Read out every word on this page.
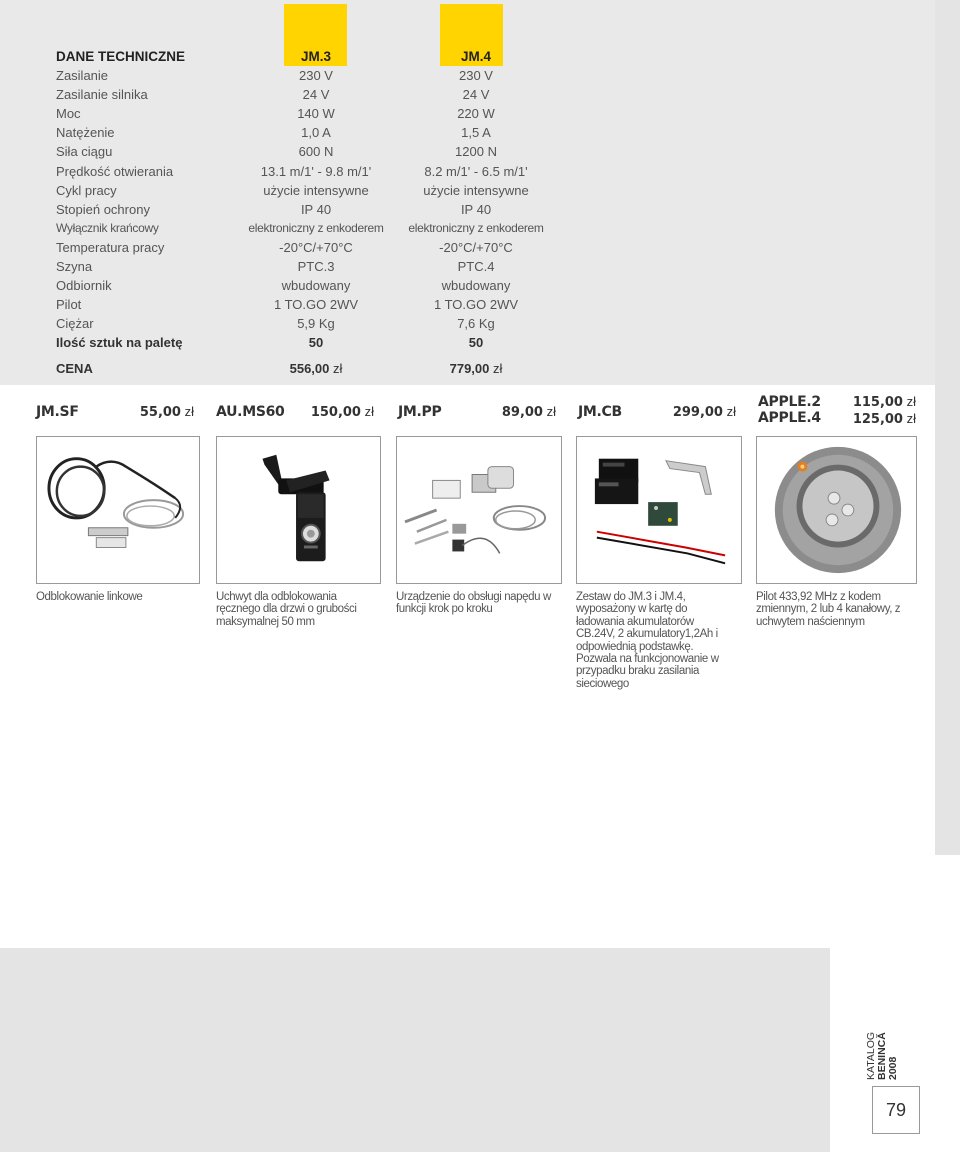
DANE TECHNICZNE	JM.3	JM.4
Zasilanie	230 V	230 V
Zasilanie silnika	24 V	24 V
Moc	140 W	220 W
Natężenie	1,0 A	1,5 A
Siła ciągu	600 N	1200 N
Prędkość otwierania	13.1 m/1' - 9.8 m/1'	8.2 m/1' - 6.5 m/1'
Cykl pracy	użycie intensywne	użycie intensywne
Stopień ochrony	IP 40	IP 40
Wyłącznik krańcowy	elektroniczny z enkoderem	elektroniczny z enkoderem
Temperatura pracy	-20°C/+70°C	-20°C/+70°C
Szyna	PTC.3	PTC.4
Odbiornik	wbudowany	wbudowany
Pilot	1 TO.GO 2WV	1 TO.GO 2WV
Ciężar	5,9 Kg	7,6 Kg
Ilość sztuk na paletę	50	50
CENA	556,00 zł	779,00 zł
JM.SF	55,00 zł AU.MS60 150,00 zł JM.PP	89,00 zł JM.CB	299,00 zł
APPLE.2
APPLE.4
115,00 zł
125,00 zł
Odblokowanie linkowe	Uchwyt dla odblokowania ręcznego dla drzwi o grubości maksymalnej 50 mm
Urządzenie do obsługi napędu w funkcji krok po kroku
Zestaw do JM.3 i JM.4, wyposażony w kartę do ładowania akumulatorów CB.24V, 2 akumulatory1,2Ah i odpowiednią podstawkę. Pozwala na funkcjonowanie w przypadku braku zasilania sieciowego
Pilot 433,92 MHz z kodem zmiennym, 2 lub 4 kanałowy, z uchwytem naściennym
KATALOG BENINCĂ 2008
79
